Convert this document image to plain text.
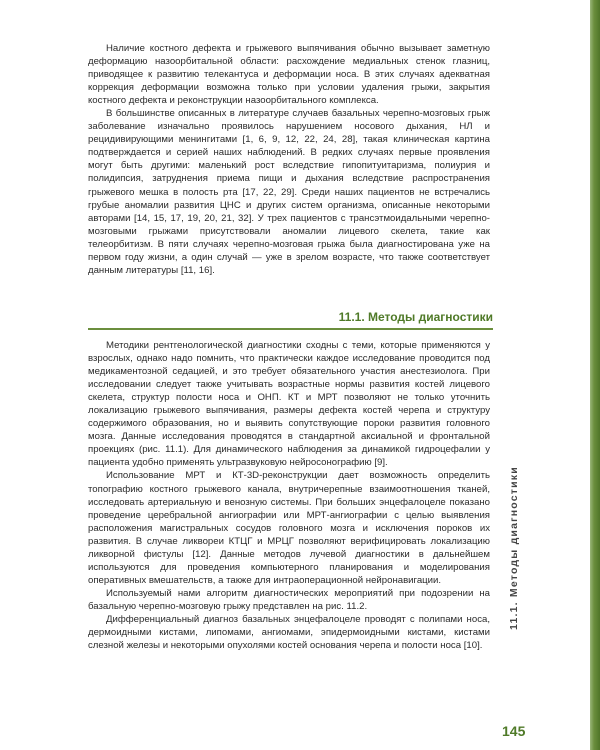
11.1. Методы диагностики

Наличие костного дефекта и грыжевого выпячивания обычно вызывает заметную деформацию назоорбитальной области: расхождение медиальных стенок глазниц, приводящее к развитию телекантуса и деформации носа. В этих случаях адекватная коррекция деформации возможна только при условии удаления грыжи, закрытия костного дефекта и реконструкции назоорбитального комплекса.

В большинстве описанных в литературе случаев базальных черепно-мозговых грыж заболевание изначально проявилось нарушением носового дыхания, НЛ и рецидивирующими менингитами [1, 6, 9, 12, 22, 24, 28], такая клиническая картина подтверждается и серией наших наблюдений. В редких случаях первые проявления могут быть другими: маленький рост вследствие гипопитуитаризма, полиурия и полидипсия, затруднения приема пищи и дыхания вследствие распространения грыжевого мешка в полость рта [17, 22, 29]. Среди наших пациентов не встречались грубые аномалии развития ЦНС и других систем организма, описанные некоторыми авторами [14, 15, 17, 19, 20, 21, 32]. У трех пациентов с трансэтмоидальными черепно-мозговыми грыжами присутствовали аномалии лицевого скелета, такие как телеорбитизм. В пяти случаях черепно-мозговая грыжа была диагностирована уже на первом году жизни, а один случай — уже в зрелом возрасте, что также соответствует данным литературы [11, 16].

11.1. Методы диагностики

Методики рентгенологической диагностики сходны с теми, которые применяются у взрослых, однако надо помнить, что практически каждое исследование проводится под медикаментозной седацией, и это требует обязательного участия анестезиолога. При исследовании следует также учитывать возрастные нормы развития костей лицевого скелета, структур полости носа и ОНП. КТ и МРТ позволяют не только уточнить локализацию грыжевого выпячивания, размеры дефекта костей черепа и структуру содержимого образования, но и выявить сопутствующие пороки развития головного мозга. Данные исследования проводятся в стандартной аксиальной и фронтальной проекциях (рис. 11.1). Для динамического наблюдения за динамикой гидроцефалии у пациента удобно применять ультразвуковую нейросонографию [9].

Использование МРТ и КТ-3D-реконструкции дает возможность определить топографию костного грыжевого канала, внутричерепные взаимоотношения тканей, исследовать артериальную и венозную системы. При больших энцефалоцеле показано проведение церебральной ангиографии или МРТ-ангиографии с целью выявления расположения магистральных сосудов головного мозга и исключения пороков их развития. В случае ликвореи КТЦГ и МРЦГ позволяют верифицировать локализацию ликворной фистулы [12]. Данные методов лучевой диагностики в дальнейшем используются для проведения компьютерного планирования и моделирования оперативных вмешательств, а также для интраоперационной нейронавигации.

Используемый нами алгоритм диагностических мероприятий при подозрении на базальную черепно-мозговую грыжу представлен на рис. 11.2.

Дифференциальный диагноз базальных энцефалоцеле проводят с полипами носа, дермоидными кистами, липомами, ангиомами, эпидермоидными кистами, кистами слезной железы и некоторыми опухолями костей основания черепа и полости носа [10].

145
